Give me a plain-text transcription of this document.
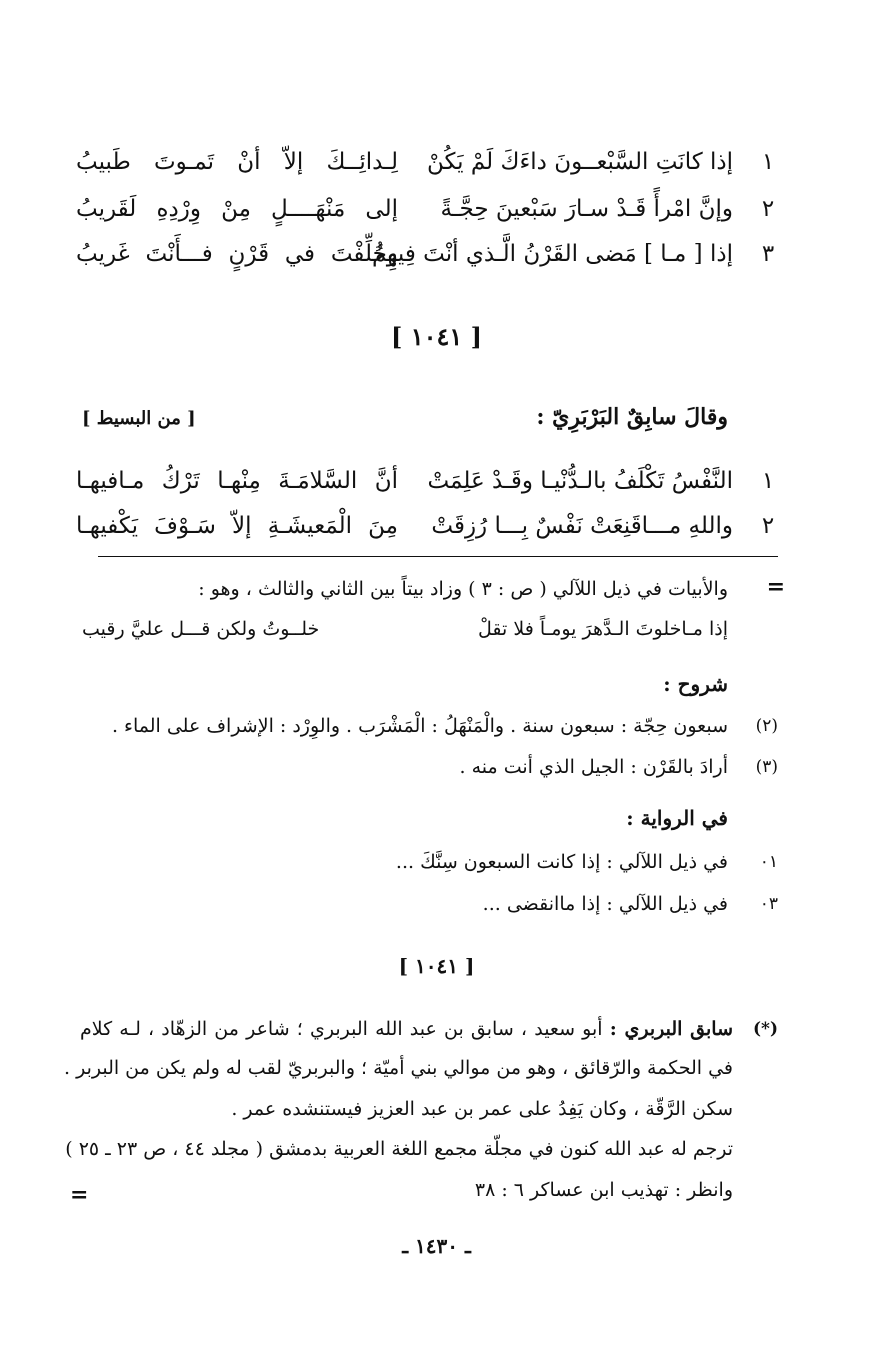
١
إذا كانَتِ السَّبْعــونَ داءَكَ لَمْ يَكُنْ
لِـدائِــكَ إلاّ أنْ تَمـوتَ طَبيبُ
٢
وإنَّ امْرأً قَـدْ سـارَ سَبْعينَ حِجَّـةً
إلى مَنْهَــــلٍ مِنْ وِرْدِهِ لَقَريبُ
٣
إذا [ مـا ] مَضى القَرْنُ الَّـذي أنْتَ فِيهِمُ
وخُلِّفْتَ في قَرْنٍ فـــأَنْتَ غَريبُ
[ ١٠٤١ ]
وقالَ سابِقٌ البَرْبَرِيّ :
[ من البسيط ]
١
النَّفْسُ تَكْلَفُ بالـدُّنْيـا وقَـدْ عَلِمَتْ
أنَّ السَّلامَـةَ مِنْهـا تَرْكُ مـافيهـا
٢
واللهِ مـــاقَنِعَتْ نَفْسٌ بِـــا رُزِقَتْ
مِنَ الْمَعيشَـةِ إلاّ سَـوْفَ يَكْفيهـا
=
والأبيات في ذيل اللآلي ( ص : ٣ ) وزاد بيتاً بين الثاني والثالث ، وهو :
إذا مـاخلوتَ الـدَّهرَ يومـاً فلا تقلْ
خلــوتُ ولكن قـــل عليَّ رقيب
شروح :
(٢)
سبعون حِجّة : سبعون سنة . والْمَنْهَلُ : الْمَشْرَب . والوِرْد : الإشراف على الماء .
(٣)
أرادَ بالقَرْن : الجيل الذي أنت منه .
في الرواية :
٠١
في ذيل اللآلي : إذا كانت السبعون سِنَّكَ ...
٠٣
في ذيل اللآلي : إذا ماانقضى ...
[ ١٠٤١ ]
(*)
سابق البربري : أبو سعيد ، سابق بن عبد الله البربري ؛ شاعر من الزهّاد ، لـه كلام
في الحكمة والرّقائق ، وهو من موالي بني أميّة ؛ والبربريّ لقب له ولم يكن من البربر .
سكن الرَّقّة ، وكان يَفِدُ على عمر بن عبد العزيز فيستنشده عمر .
ترجم له عبد الله كنون في مجلّة مجمع اللغة العربية بدمشق ( مجلد ٤٤ ، ص ٢٣ ـ ٢٥ )
وانظر : تهذيب ابن عساكر ٦ : ٣٨
=
ـ ١٤٣٠ ـ
